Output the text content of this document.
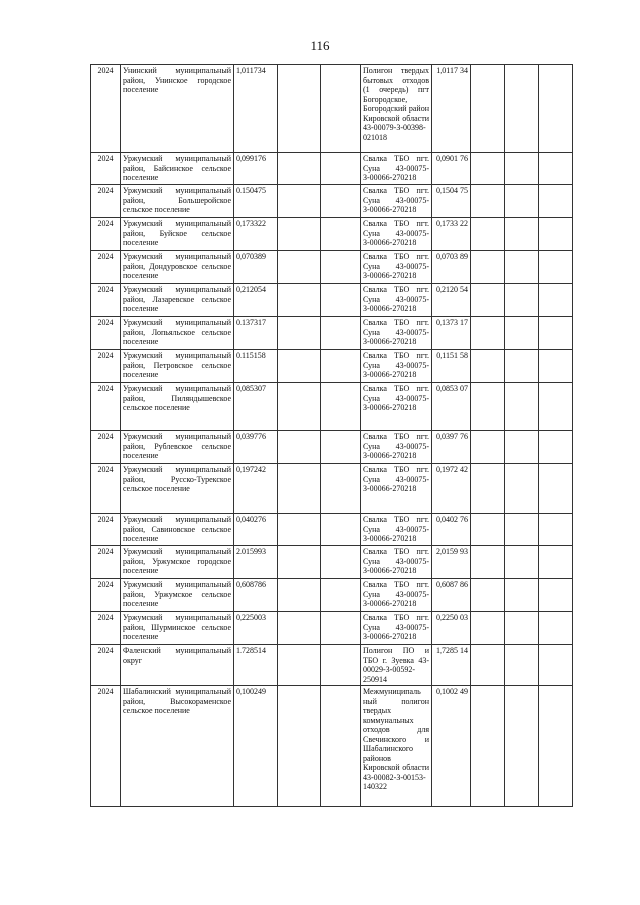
116
2024	Унинский муниципальный район, Унинское городское поселение	1,011734			Полигон твердых бытовых отходов (1 очередь) пгт Богородское, Богородский район Кировской области 43-00079-З-00398-021018	1,0117 34			
2024	Уржумский муниципальный район, Байсинское сельское поселение	0,099176			Свалка ТБО пгт. Суна 43-00075-З-00066-270218	0,0901 76			
2024	Уржумский муниципальный район, Большеройское сельское поселение	0.150475			Свалка ТБО пгт. Суна 43-00075-З-00066-270218	0,1504 75			
2024	Уржумский муниципальный район, Буйское сельское поселение	0,173322			Свалка ТБО пгт. Суна 43-00075-З-00066-270218	0,1733 22			
2024	Уржумский муниципальный район, Дондуровское сельское поселение	0,070389			Свалка ТБО пгт. Суна 43-00075-З-00066-270218	0,0703 89			
2024	Уржумский муниципальный район, Лазаревское сельское поселение	0,212054			Свалка ТБО пгт. Суна 43-00075-З-00066-270218	0,2120 54			
2024	Уржумский муниципальный район, Лопьяльское сельское поселение	0.137317			Свалка ТБО пгт. Суна 43-00075-З-00066-270218	0,1373 17			
2024	Уржумский муниципальный район, Петровское сельское поселение	0.115158			Свалка ТБО пгт. Суна 43-00075-З-00066-270218	0,1151 58			
2024	Уржумский муниципальный район, Пиляндышевское сельское поселение	0,085307			Свалка ТБО пгт. Суна 43-00075-З-00066-270218	0,0853 07			
2024	Уржумский муниципальный район, Рублевское сельское поселение	0,039776			Свалка ТБО пгт. Суна 43-00075-З-00066-270218	0,0397 76			
2024	Уржумский муниципальный район, Русско-Турекское сельское поселение	0,197242			Свалка ТБО пгт. Суна 43-00075-З-00066-270218	0,1972 42			
2024	Уржумский муниципальный район, Савиновское сельское поселение	0,040276			Свалка ТБО пгт. Суна 43-00075-З-00066-270218	0,0402 76			
2024	Уржумский муниципальный район, Уржумское городское поселение	2.015993			Свалка ТБО пгт. Суна 43-00075-З-00066-270218	2,0159 93			
2024	Уржумский муниципальный район, Уржумское сельское поселение	0,608786			Свалка ТБО пгт. Суна 43-00075-З-00066-270218	0,6087 86			
2024	Уржумский муниципальный район, Шурминское сельское поселение	0,225003			Свалка ТБО пгт. Суна 43-00075-З-00066-270218	0,2250 03			
2024	Фаленский муниципальный округ	1.728514			Полигон ПО и ТБО г. Зуевка 43-00029-З-00592-250914	1,7285 14			
2024	Шабалинский муниципальный район, Высокораменское сельское поселение	0,100249			Межмуниципаль ный полигон твердых коммунальных отходов для Свечинского и Шабалинского районов Кировской области 43-00082-З-00153-140322	0,1002 49			
